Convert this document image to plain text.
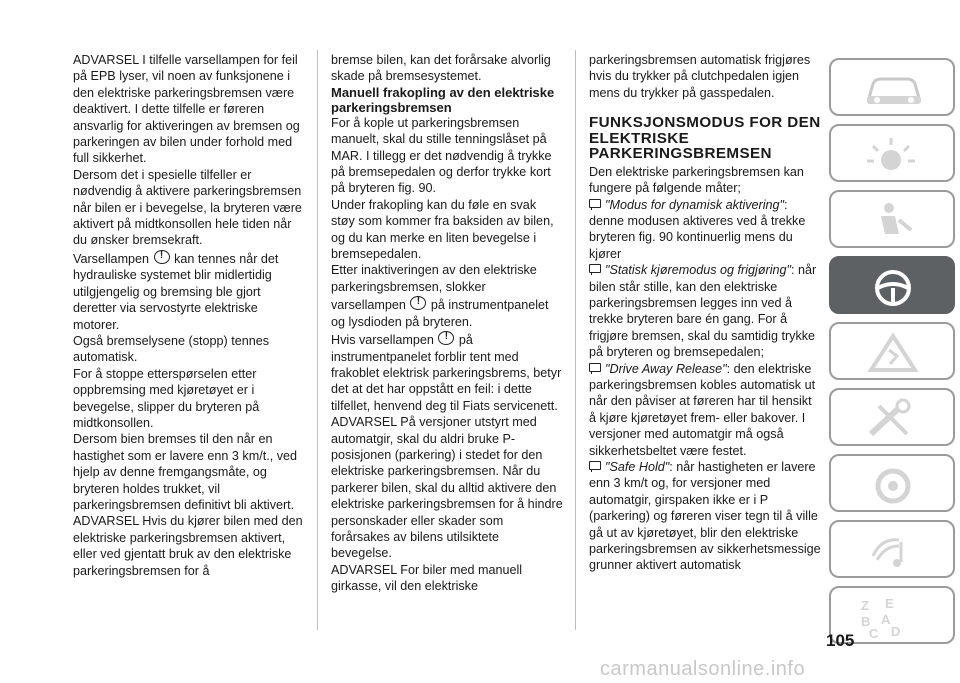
ADVARSEL I tilfelle varsellampen for feil på EPB lyser, vil noen av funksjonene i den elektriske parkeringsbremsen være deaktivert. I dette tilfelle er føreren ansvarlig for aktiveringen av bremsen og parkeringen av bilen under forhold med full sikkerhet.

Dersom det i spesielle tilfeller er nødvendig å aktivere parkeringsbremsen når bilen er i bevegelse, la bryteren være aktivert på midtkonsollen hele tiden når du ønsker bremsekraft.

Varsellampen ! kan tennes når det hydrauliske systemet blir midlertidig utilgjengelig og bremsing ble gjort deretter via servostyrte elektriske motorer.

Også bremselysene (stopp) tennes automatisk.

For å stoppe etterspørselen etter oppbremsing med kjøretøyet er i bevegelse, slipper du bryteren på midtkonsollen.

Dersom bien bremses til den når en hastighet som er lavere enn 3 km/t., ved hjelp av denne fremgangsmåte, og bryteren holdes trukket, vil parkeringsbremsen definitivt bli aktivert.

ADVARSEL Hvis du kjører bilen med den elektriske parkeringsbremsen aktivert, eller ved gjentatt bruk av den elektriske parkeringsbremsen for å

bremse bilen, kan det forårsake alvorlig skade på bremsesystemet.

Manuell frakopling av den elektriske parkeringsbremsen

For å kople ut parkeringsbremsen manuelt, skal du stille tenningslåset på MAR. I tillegg er det nødvendig å trykke på bremsepedalen og derfor trykke kort på bryteren fig. 90.

Under frakopling kan du føle en svak støy som kommer fra baksiden av bilen, og du kan merke en liten bevegelse i bremsepedalen.

Etter inaktiveringen av den elektriske parkeringsbremsen, slokker varsellampen ! på instrumentpanelet og lysdioden på bryteren.

Hvis varsellampen ! på instrumentpanelet forblir tent med frakoblet elektrisk parkeringsbrems, betyr det at det har oppstått en feil: i dette tilfellet, henvend deg til Fiats servicenett.

ADVARSEL På versjoner utstyrt med automatgir, skal du aldri bruke P-posisjonen (parkering) i stedet for den elektriske parkeringsbremsen. Når du parkerer bilen, skal du alltid aktivere den elektriske parkeringsbremsen for å hindre personskader eller skader som forårsakes av bilens utilsiktete bevegelse.

ADVARSEL For biler med manuell girkasse, vil den elektriske

parkeringsbremsen automatisk frigjøres hvis du trykker på clutchpedalen igjen mens du trykker på gasspedalen.

FUNKSJONSMODUS FOR DEN ELEKTRISKE PARKERINGSBREMSEN

Den elektriske parkeringsbremsen kan fungere på følgende måter;

"Modus for dynamisk aktivering": denne modusen aktiveres ved å trekke bryteren fig. 90 kontinuerlig mens du kjører

"Statisk kjøremodus og frigjøring": når bilen står stille, kan den elektriske parkeringsbremsen legges inn ved å trekke bryteren bare én gang. For å frigjøre bremsen, skal du samtidig trykke på bryteren og bremsepedalen;

"Drive Away Release": den elektriske parkeringsbremsen kobles automatisk ut når den påviser at føreren har til hensikt å kjøre kjøretøyet frem- eller bakover. I versjoner med automatgir må også sikkerhetsbeltet være festet.

"Safe Hold": når hastigheten er lavere enn 3 km/t og, for versjoner med automatgir, girspaken ikke er i P (parkering) og føreren viser tegn til å ville gå ut av kjøretøyet, blir den elektriske parkeringsbremsen av sikkerhetsmessige grunner aktivert automatisk

Z E
B A
C D
105
carmanualsonline.info
